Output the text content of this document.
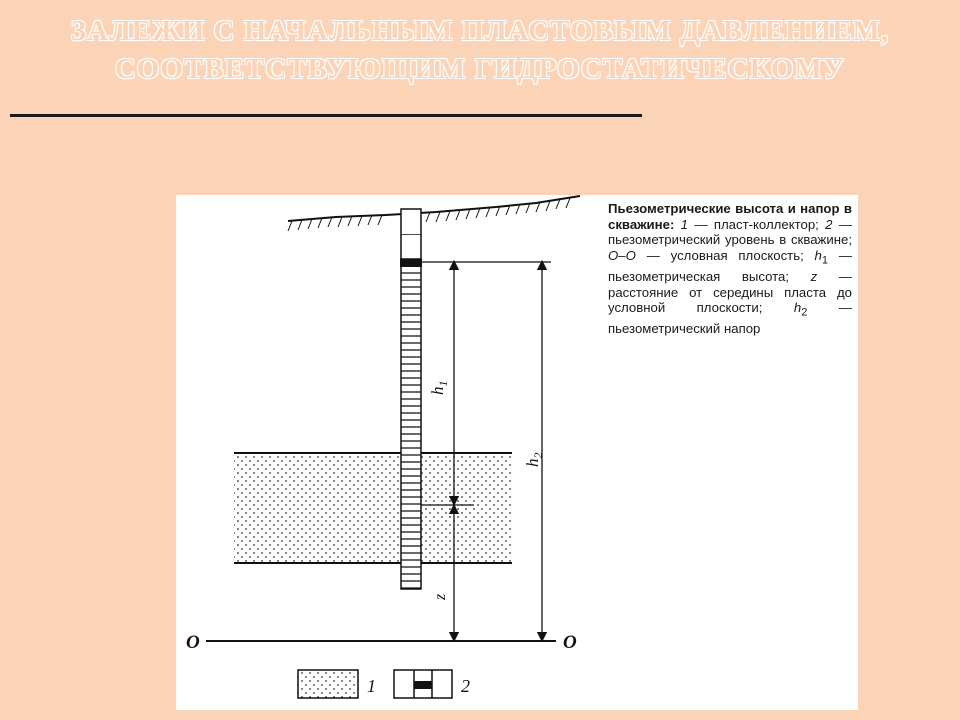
ЗАЛЕЖИ С НАЧАЛЬНЫМ ПЛАСТОВЫМ ДАВЛЕНИЕМ,
СООТВЕТСТВУЮЩИМ ГИДРОСТАТИЧЕСКОМУ
O	O
$h_1$
z
$h_2$
1	2
Пьезометрические высота и напор в скважине: 1 — пласт-коллектор; 2 — пьезометрический уровень в скважине; O–O — условная плоскость; $h_1$ — пьезометрическая высота; z — расстояние от середины пласта до условной плоскости; $h_2$ — пьезометрический напор
